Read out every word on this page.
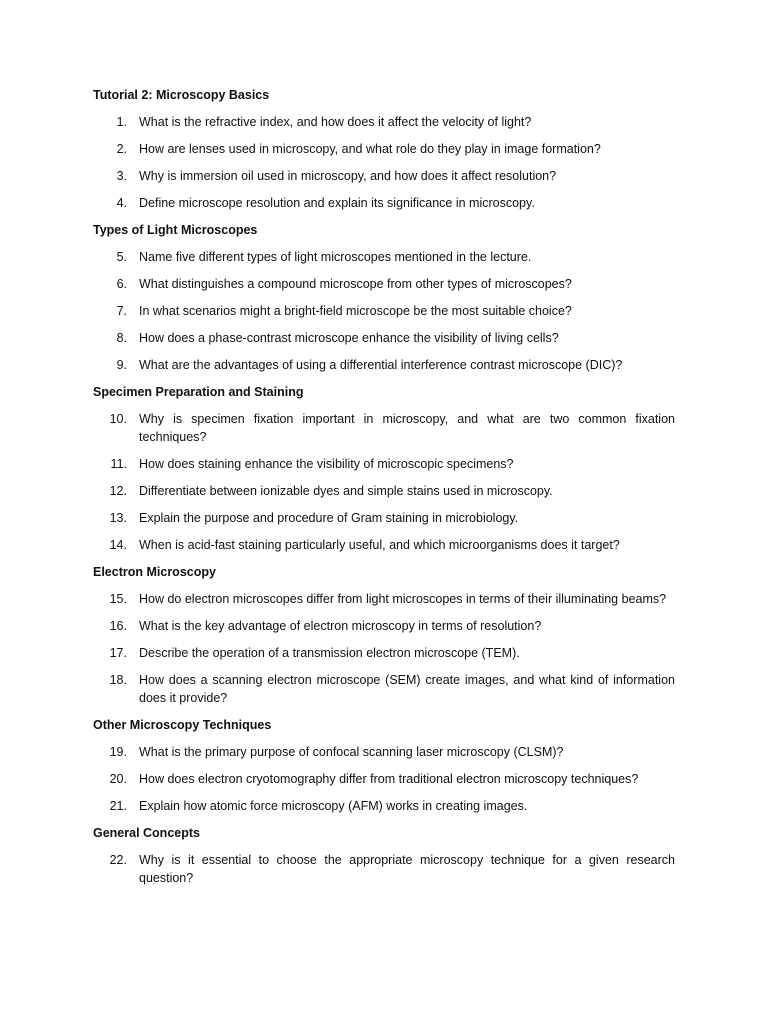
Tutorial 2: Microscopy Basics
1. What is the refractive index, and how does it affect the velocity of light?
2. How are lenses used in microscopy, and what role do they play in image formation?
3. Why is immersion oil used in microscopy, and how does it affect resolution?
4. Define microscope resolution and explain its significance in microscopy.
Types of Light Microscopes
5. Name five different types of light microscopes mentioned in the lecture.
6. What distinguishes a compound microscope from other types of microscopes?
7. In what scenarios might a bright-field microscope be the most suitable choice?
8. How does a phase-contrast microscope enhance the visibility of living cells?
9. What are the advantages of using a differential interference contrast microscope (DIC)?
Specimen Preparation and Staining
10. Why is specimen fixation important in microscopy, and what are two common fixation techniques?
11. How does staining enhance the visibility of microscopic specimens?
12. Differentiate between ionizable dyes and simple stains used in microscopy.
13. Explain the purpose and procedure of Gram staining in microbiology.
14. When is acid-fast staining particularly useful, and which microorganisms does it target?
Electron Microscopy
15. How do electron microscopes differ from light microscopes in terms of their illuminating beams?
16. What is the key advantage of electron microscopy in terms of resolution?
17. Describe the operation of a transmission electron microscope (TEM).
18. How does a scanning electron microscope (SEM) create images, and what kind of information does it provide?
Other Microscopy Techniques
19. What is the primary purpose of confocal scanning laser microscopy (CLSM)?
20. How does electron cryotomography differ from traditional electron microscopy techniques?
21. Explain how atomic force microscopy (AFM) works in creating images.
General Concepts
22. Why is it essential to choose the appropriate microscopy technique for a given research question?
